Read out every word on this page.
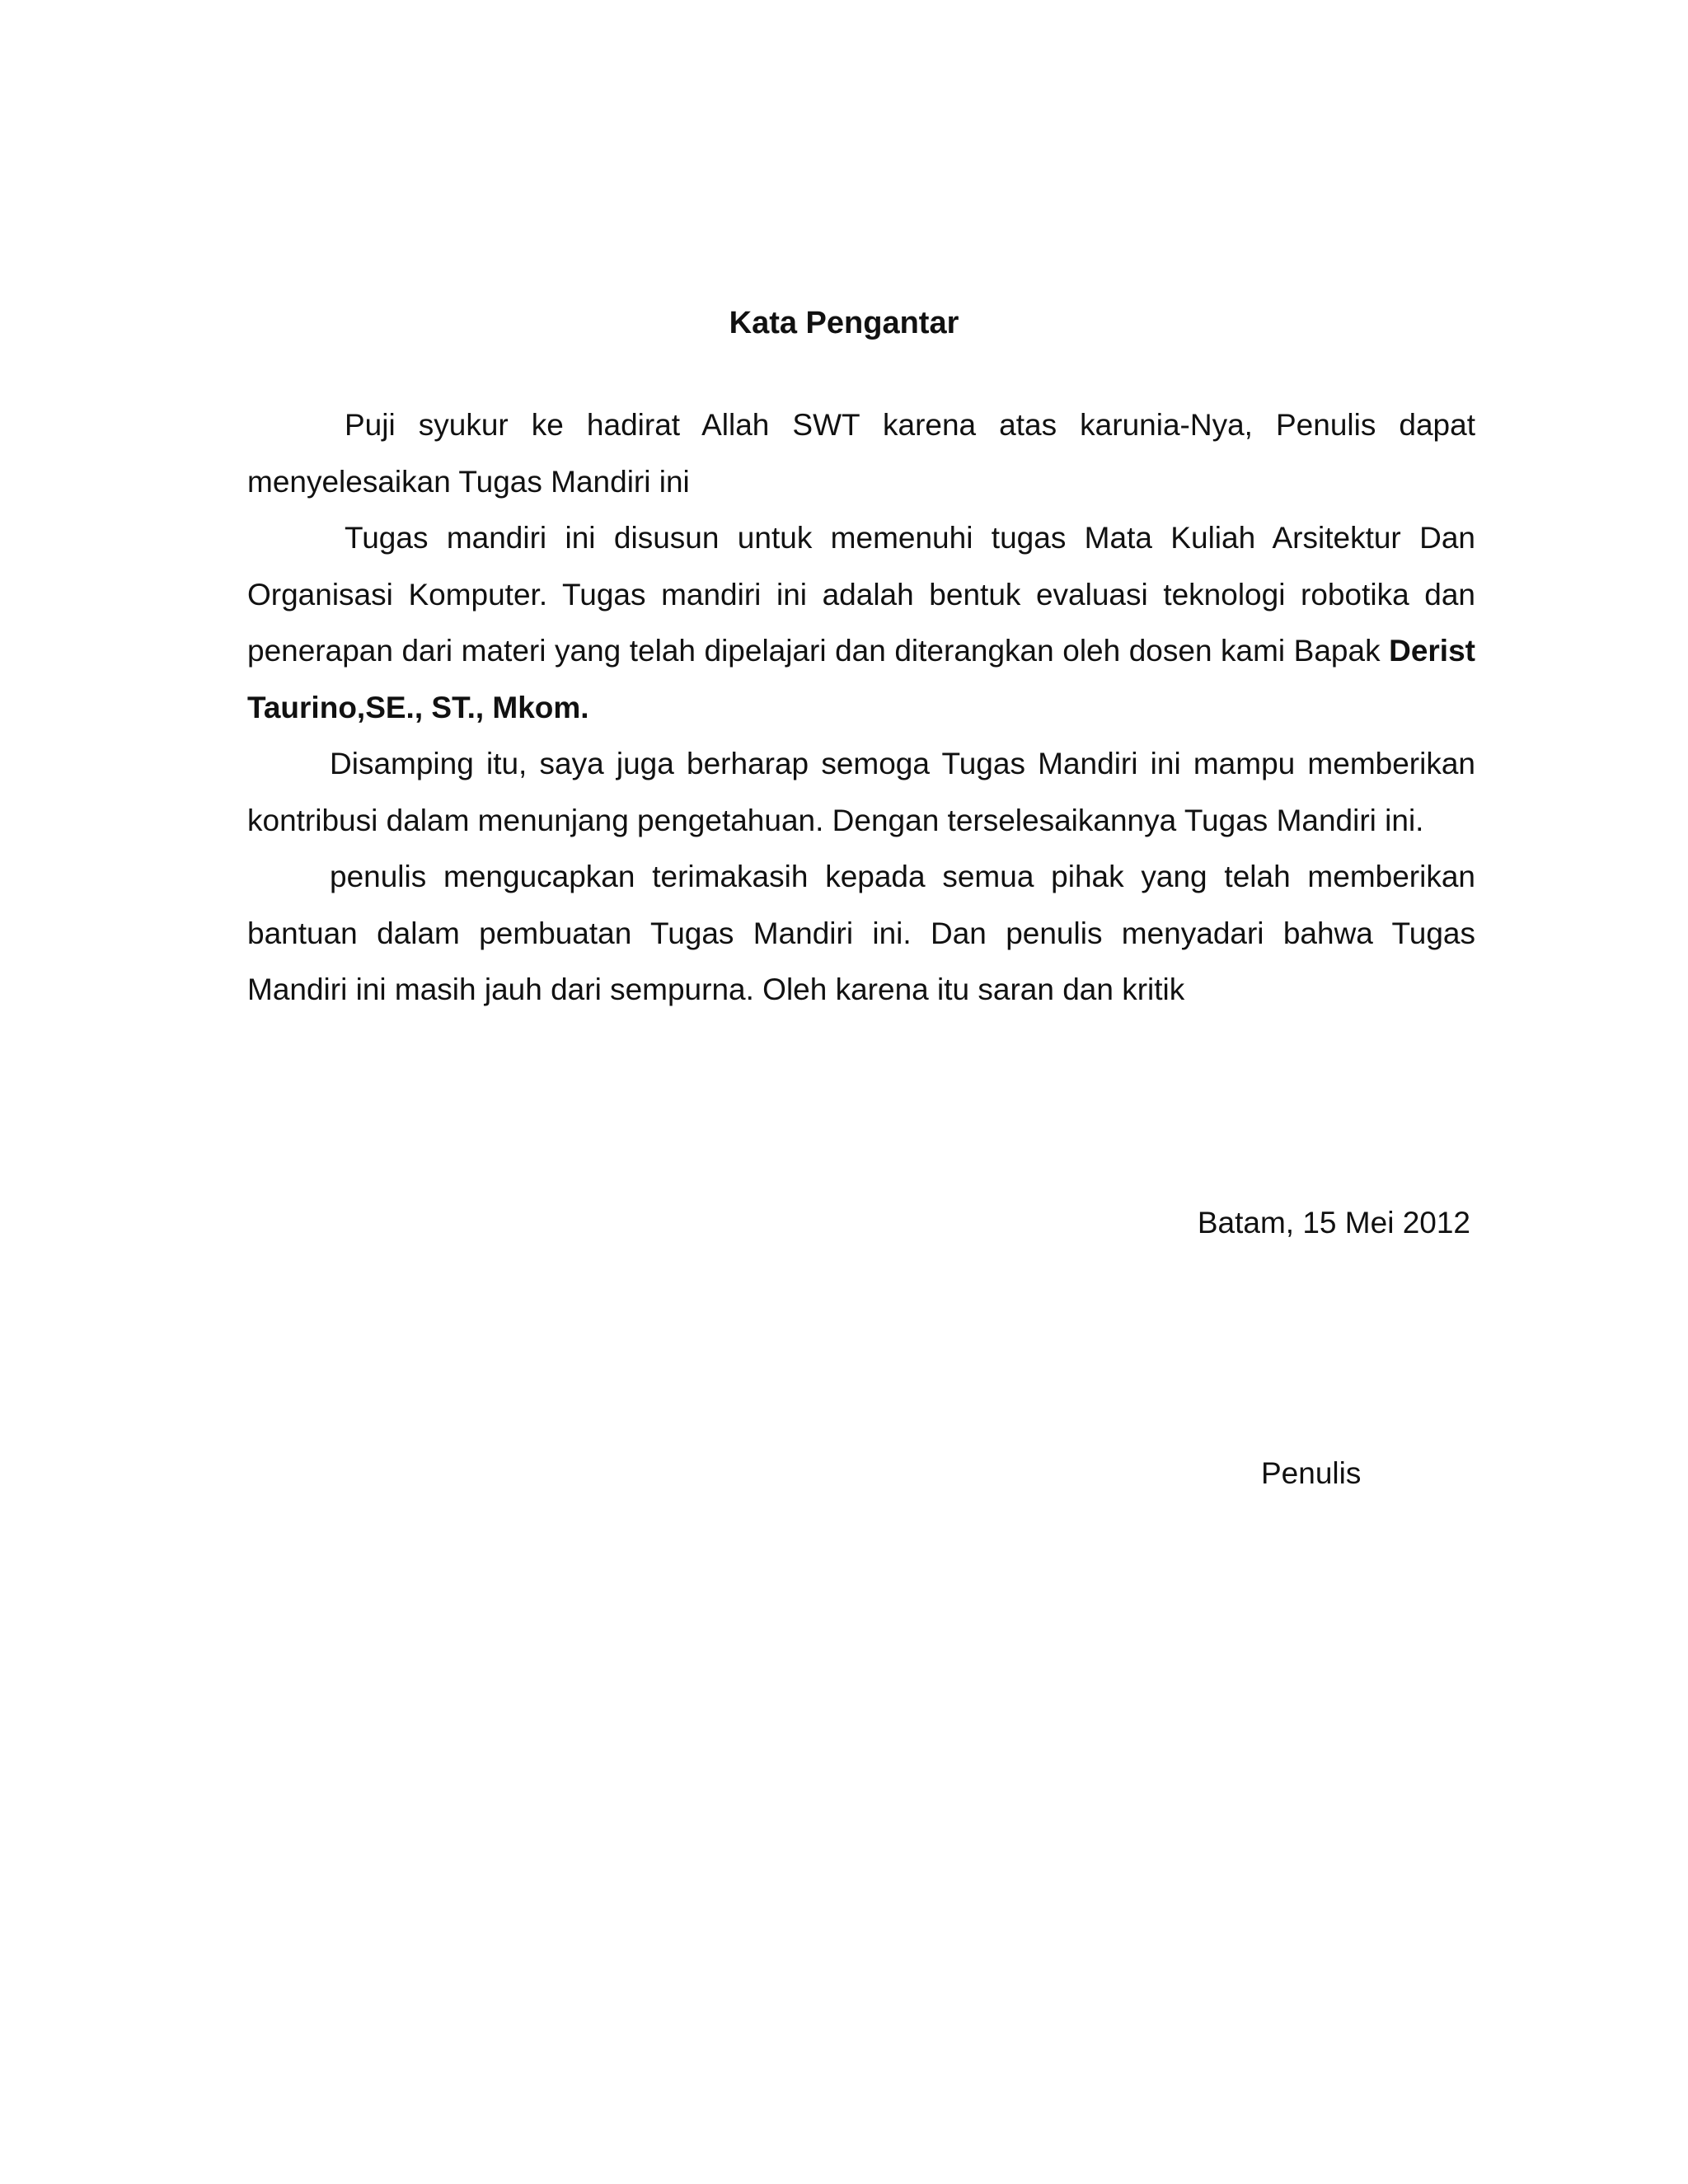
Kata Pengantar

Puji syukur ke hadirat Allah SWT karena atas karunia-Nya, Penulis dapat menyelesaikan Tugas Mandiri ini

Tugas mandiri ini disusun untuk memenuhi tugas Mata Kuliah Arsitektur Dan Organisasi Komputer. Tugas mandiri ini adalah bentuk evaluasi teknologi robotika dan penerapan dari materi yang telah dipelajari dan diterangkan oleh dosen kami Bapak Derist Taurino,SE., ST., Mkom.

Disamping itu, saya juga berharap semoga Tugas Mandiri ini mampu memberikan kontribusi dalam menunjang pengetahuan. Dengan terselesaikannya Tugas Mandiri ini.

penulis mengucapkan terimakasih kepada semua pihak yang telah memberikan bantuan dalam pembuatan Tugas Mandiri ini. Dan penulis menyadari bahwa Tugas Mandiri ini masih jauh dari sempurna. Oleh karena itu saran dan kritik

Batam, 15 Mei 2012

Penulis
